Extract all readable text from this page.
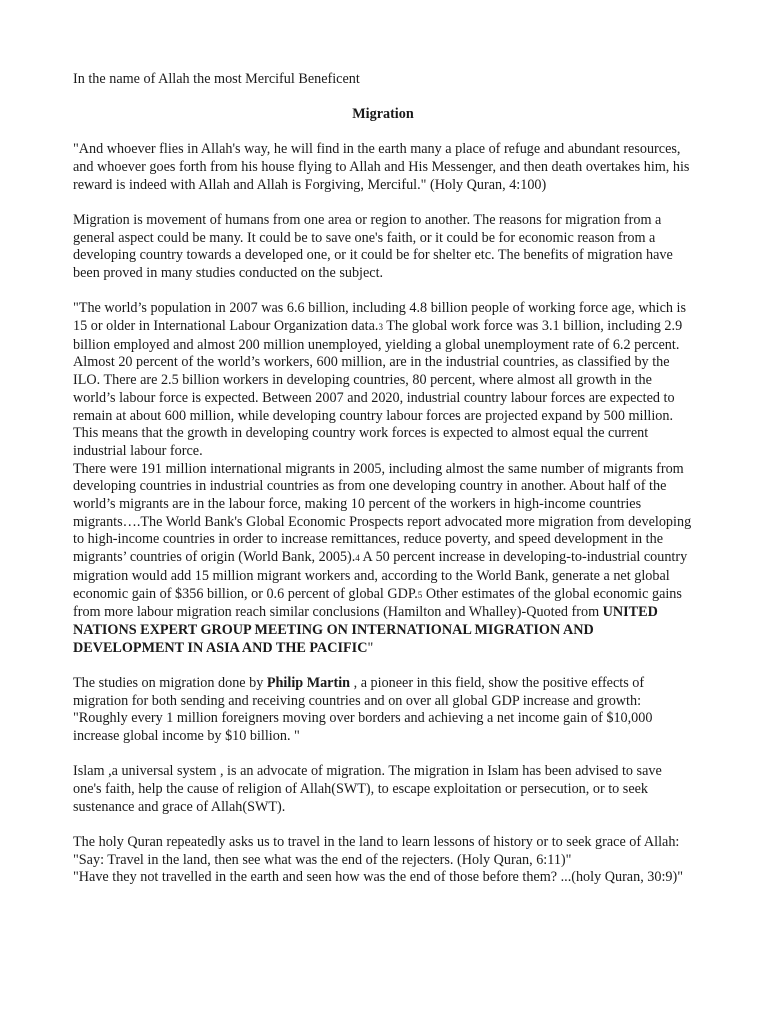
In the name of Allah the most Merciful Beneficent

Migration

"And whoever flies in Allah's way, he will find in the earth many a place of refuge and abundant resources, and whoever goes forth from his house flying to Allah and His Messenger, and then death overtakes him, his reward is indeed with Allah and Allah is Forgiving, Merciful." (Holy Quran, 4:100)

Migration is movement of humans from one area or region to another. The reasons for migration from a general aspect could be many. It could be to save one's faith, or it could be for economic reason from a developing country towards a developed one, or it could be for shelter etc. The benefits of migration have been proved in many studies conducted on the subject.

"The world’s population in 2007 was 6.6 billion, including 4.8 billion people of working force age, which is 15 or older in International Labour Organization data.3 The global work force was 3.1 billion, including 2.9 billion employed and almost 200 million unemployed, yielding a global unemployment rate of 6.2 percent.

Almost 20 percent of the world’s workers, 600 million, are in the industrial countries, as classified by the ILO. There are 2.5 billion workers in developing countries, 80 percent, where almost all growth in the world’s labour force is expected. Between 2007 and 2020, industrial country labour forces are expected to remain at about 600 million, while developing country labour forces are projected expand by 500 million. This means that the growth in developing country work forces is expected to almost equal the current industrial labour force.

There were 191 million international migrants in 2005, including almost the same number of migrants from developing countries in industrial countries as from one developing country in another. About half of the world’s migrants are in the labour force, making 10 percent of the workers in high-income countries migrants….The World Bank's Global Economic Prospects report advocated more migration from developing to high-income countries in order to increase remittances, reduce poverty, and speed development in the migrants’ countries of origin (World Bank, 2005).4 A 50 percent increase in developing-to-industrial country migration would add 15 million migrant workers and, according to the World Bank, generate a net global economic gain of $356 billion, or 0.6 percent of global GDP.5 Other estimates of the global economic gains from more labour migration reach similar conclusions (Hamilton and Whalley)-Quoted from UNITED NATIONS EXPERT GROUP MEETING ON INTERNATIONAL MIGRATION AND DEVELOPMENT IN ASIA AND THE PACIFIC"

The studies on migration done by Philip Martin , a pioneer in this field, show the positive effects of migration for both sending and receiving countries and on over all global GDP increase and growth:

"Roughly every 1 million foreigners moving over borders and achieving a net income gain of $10,000 increase global income by $10 billion. "

Islam ,a universal system , is an advocate of migration. The migration in Islam has been advised to save one's faith, help the cause of religion of Allah(SWT), to escape exploitation or persecution, or to seek sustenance and grace of Allah(SWT).

The holy Quran repeatedly asks us to travel in the land to learn lessons of history or to seek grace of Allah:

"Say: Travel in the land, then see what was the end of the rejecters. (Holy Quran, 6:11)"

"Have they not travelled in the earth and seen how was the end of those before them? ...(holy Quran, 30:9)"
